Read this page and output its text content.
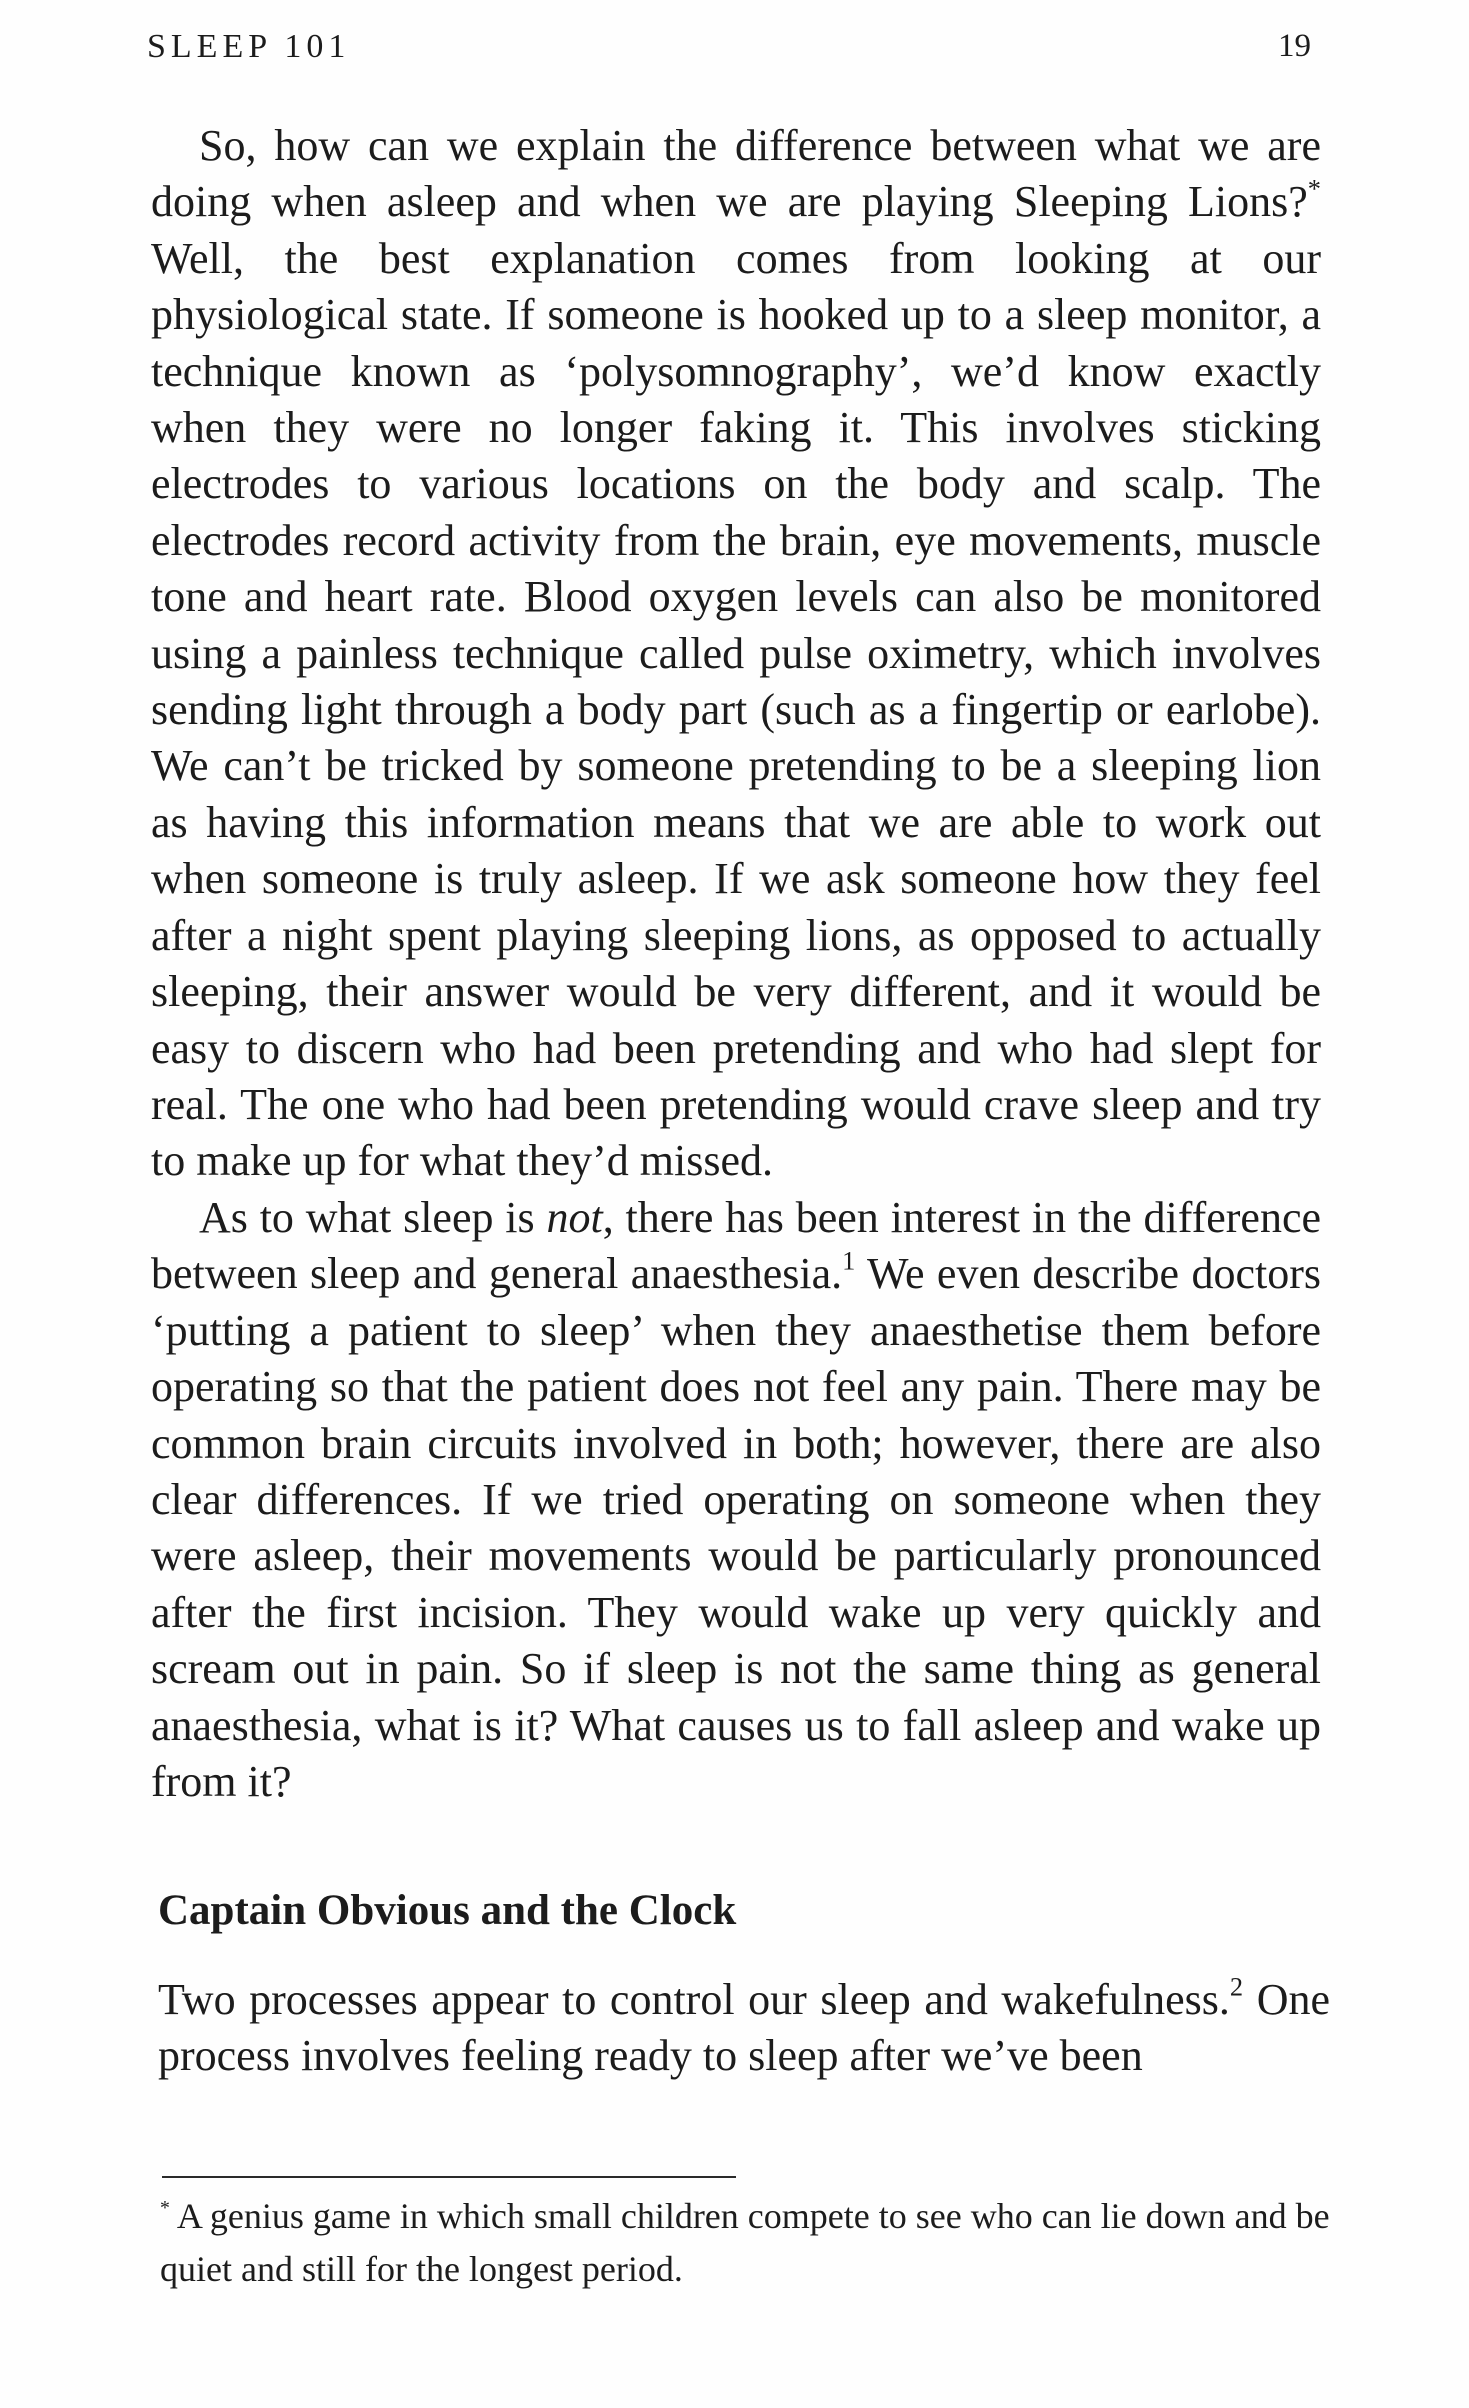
SLEEP 101	19

So, how can we explain the difference between what we are doing when asleep and when we are playing Sleeping Lions?* Well, the best explanation comes from looking at our physiological state. If someone is hooked up to a sleep monitor, a technique known as ‘polysomnography’, we’d know exactly when they were no longer faking it. This involves sticking electrodes to various locations on the body and scalp. The electrodes record activity from the brain, eye movements, muscle tone and heart rate. Blood oxygen levels can also be monitored using a painless technique called pulse oximetry, which involves sending light through a body part (such as a fingertip or earlobe). We can’t be tricked by someone pretending to be a sleeping lion as having this information means that we are able to work out when someone is truly asleep. If we ask someone how they feel after a night spent playing sleeping lions, as opposed to actually sleeping, their answer would be very different, and it would be easy to discern who had been pretending and who had slept for real. The one who had been pretending would crave sleep and try to make up for what they’d missed.

As to what sleep is not, there has been interest in the difference between sleep and general anaesthesia.$^1$ We even describe doctors ‘putting a patient to sleep’ when they anaesthetise them before operating so that the patient does not feel any pain. There may be common brain circuits involved in both; however, there are also clear differences. If we tried operating on someone when they were asleep, their movements would be particularly pronounced after the first incision. They would wake up very quickly and scream out in pain. So if sleep is not the same thing as general anaesthesia, what is it? What causes us to fall asleep and wake up from it?

Captain Obvious and the Clock

Two processes appear to control our sleep and wakefulness.$^2$ One process involves feeling ready to sleep after we’ve been

* A genius game in which small children compete to see who can lie down and be quiet and still for the longest period.
